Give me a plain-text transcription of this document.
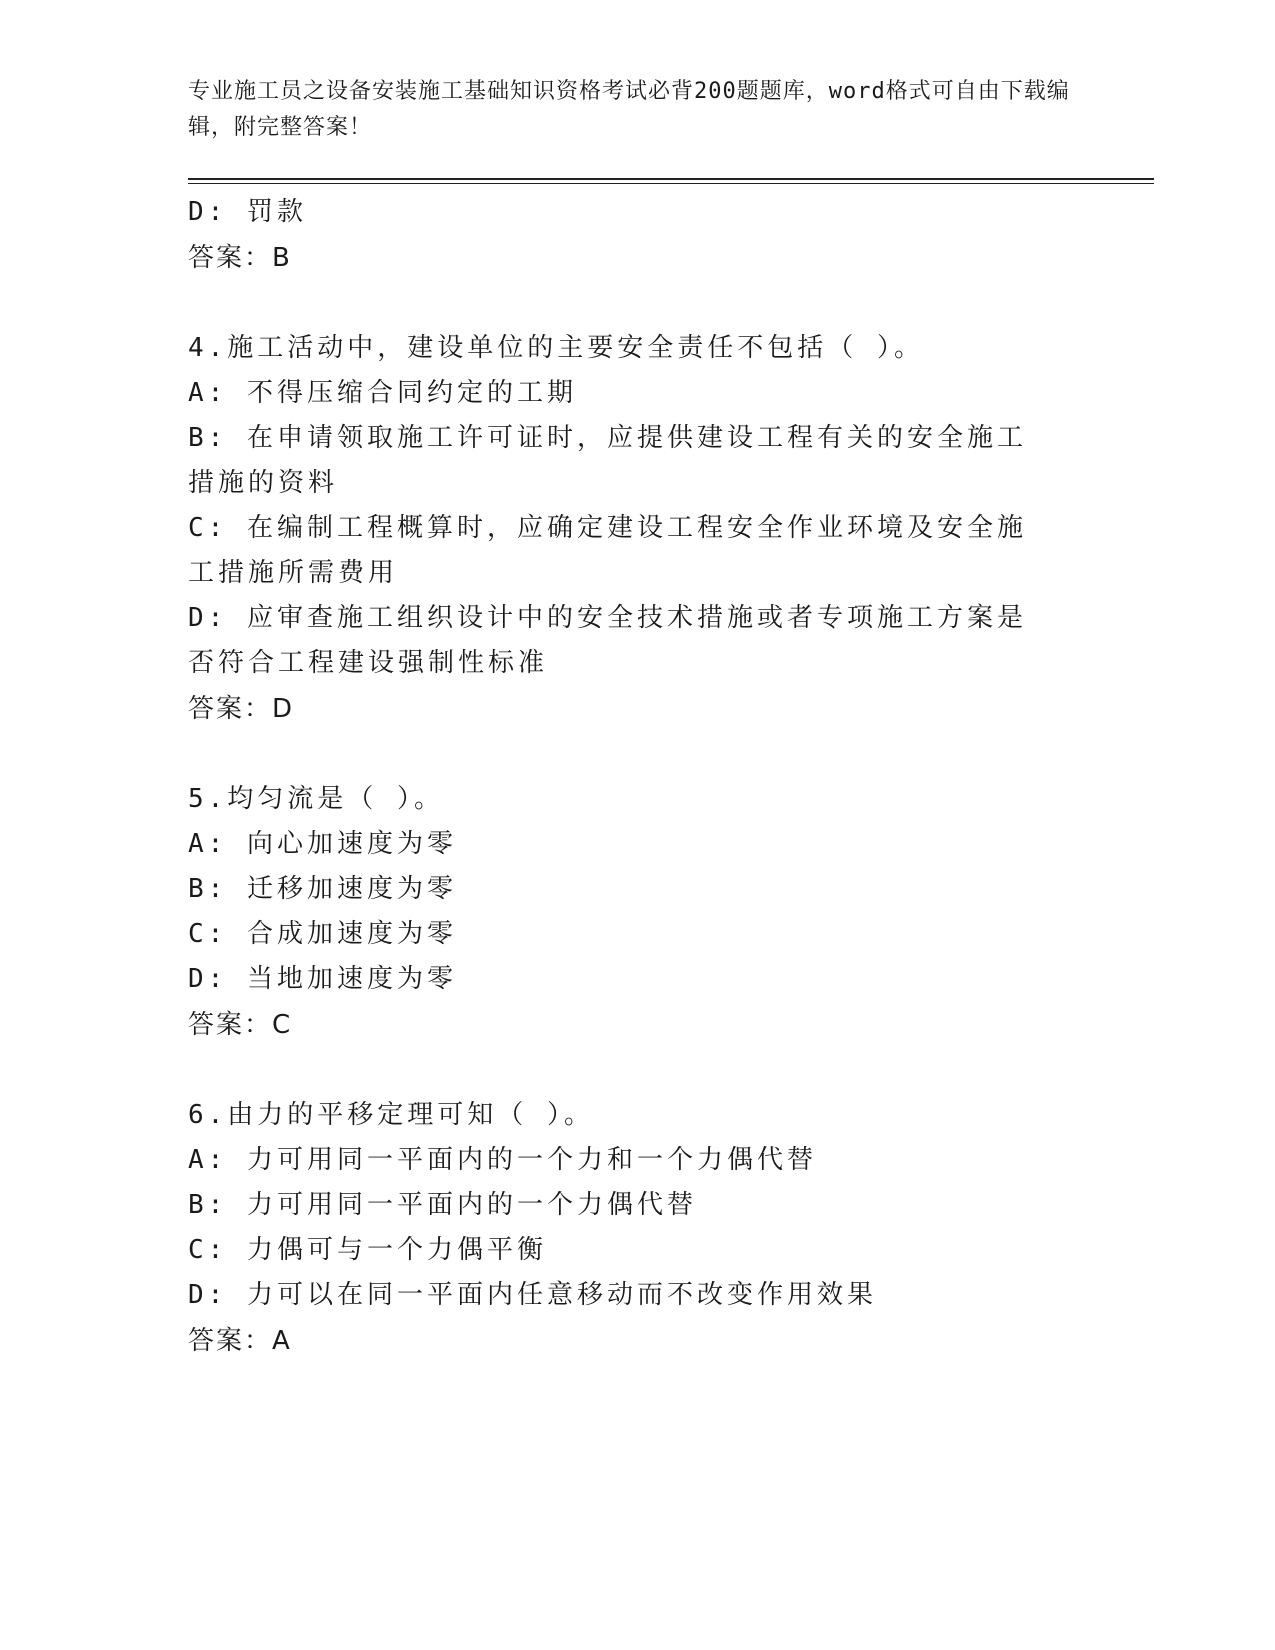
专业施工员之设备安装施工基础知识资格考试必背200题题库，word格式可自由下载编辑，附完整答案！
D: 罚款
答案：B
4.施工活动中，建设单位的主要安全责任不包括（ ）。
A: 不得压缩合同约定的工期
B: 在申请领取施工许可证时，应提供建设工程有关的安全施工措施的资料
C: 在编制工程概算时，应确定建设工程安全作业环境及安全施工措施所需费用
D: 应审查施工组织设计中的安全技术措施或者专项施工方案是否符合工程建设强制性标准
答案：D
5.均匀流是（ ）。
A: 向心加速度为零
B: 迁移加速度为零
C: 合成加速度为零
D: 当地加速度为零
答案：C
6.由力的平移定理可知（ ）。
A: 力可用同一平面内的一个力和一个力偶代替
B: 力可用同一平面内的一个力偶代替
C: 力偶可与一个力偶平衡
D: 力可以在同一平面内任意移动而不改变作用效果
答案：A
